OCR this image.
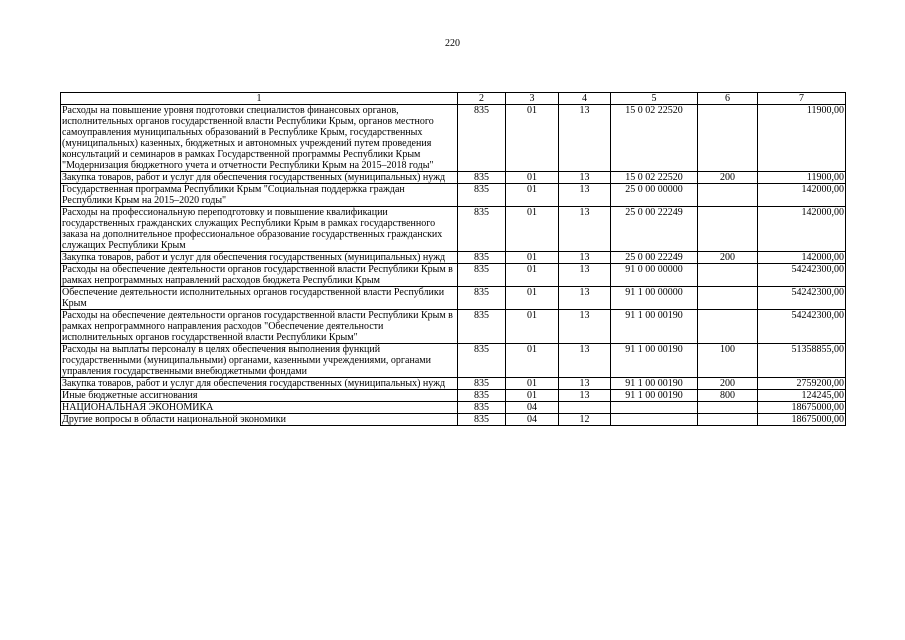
220
1	2	3	4	5	6	7
Расходы на повышение уровня подготовки специалистов финансовых органов, исполнительных органов государственной власти Республики Крым, органов местного самоуправления муниципальных образований в Республике Крым, государственных (муниципальных) казенных, бюджетных и автономных учреждений путем проведения консультаций и семинаров в рамках Государственной программы Республики Крым "Модернизация бюджетного учета и отчетности Республики Крым на 2015–2018 годы"	835	01	13	15 0 02 22520		11900,00
Закупка товаров, работ и услуг для обеспечения государственных (муниципальных) нужд	835	01	13	15 0 02 22520	200	11900,00
Государственная программа Республики Крым "Социальная поддержка граждан Республики Крым на 2015–2020 годы"	835	01	13	25 0 00 00000		142000,00
Расходы на профессиональную переподготовку и повышение квалификации государственных гражданских служащих Республики Крым в рамках государственного заказа на дополнительное профессиональное образование государственных гражданских служащих Республики Крым	835	01	13	25 0 00 22249		142000,00
Закупка товаров, работ и услуг для обеспечения государственных (муниципальных) нужд	835	01	13	25 0 00 22249	200	142000,00
Расходы на обеспечение деятельности органов государственной власти Республики Крым в рамках непрограммных направлений расходов бюджета Республики Крым	835	01	13	91 0 00 00000		54242300,00
Обеспечение деятельности исполнительных органов государственной власти Республики Крым	835	01	13	91 1 00 00000		54242300,00
Расходы на обеспечение деятельности органов государственной власти Республики Крым в рамках непрограммного направления расходов "Обеспечение деятельности исполнительных органов государственной власти Республики Крым"	835	01	13	91 1 00 00190		54242300,00
Расходы на выплаты персоналу в целях обеспечения выполнения функций государственными (муниципальными) органами, казенными учреждениями, органами управления государственными внебюджетными фондами	835	01	13	91 1 00 00190	100	51358855,00
Закупка товаров, работ и услуг для обеспечения государственных (муниципальных) нужд	835	01	13	91 1 00 00190	200	2759200,00
Иные бюджетные ассигнования	835	01	13	91 1 00 00190	800	124245,00
НАЦИОНАЛЬНАЯ ЭКОНОМИКА	835	04				18675000,00
Другие вопросы в области национальной экономики	835	04	12			18675000,00
